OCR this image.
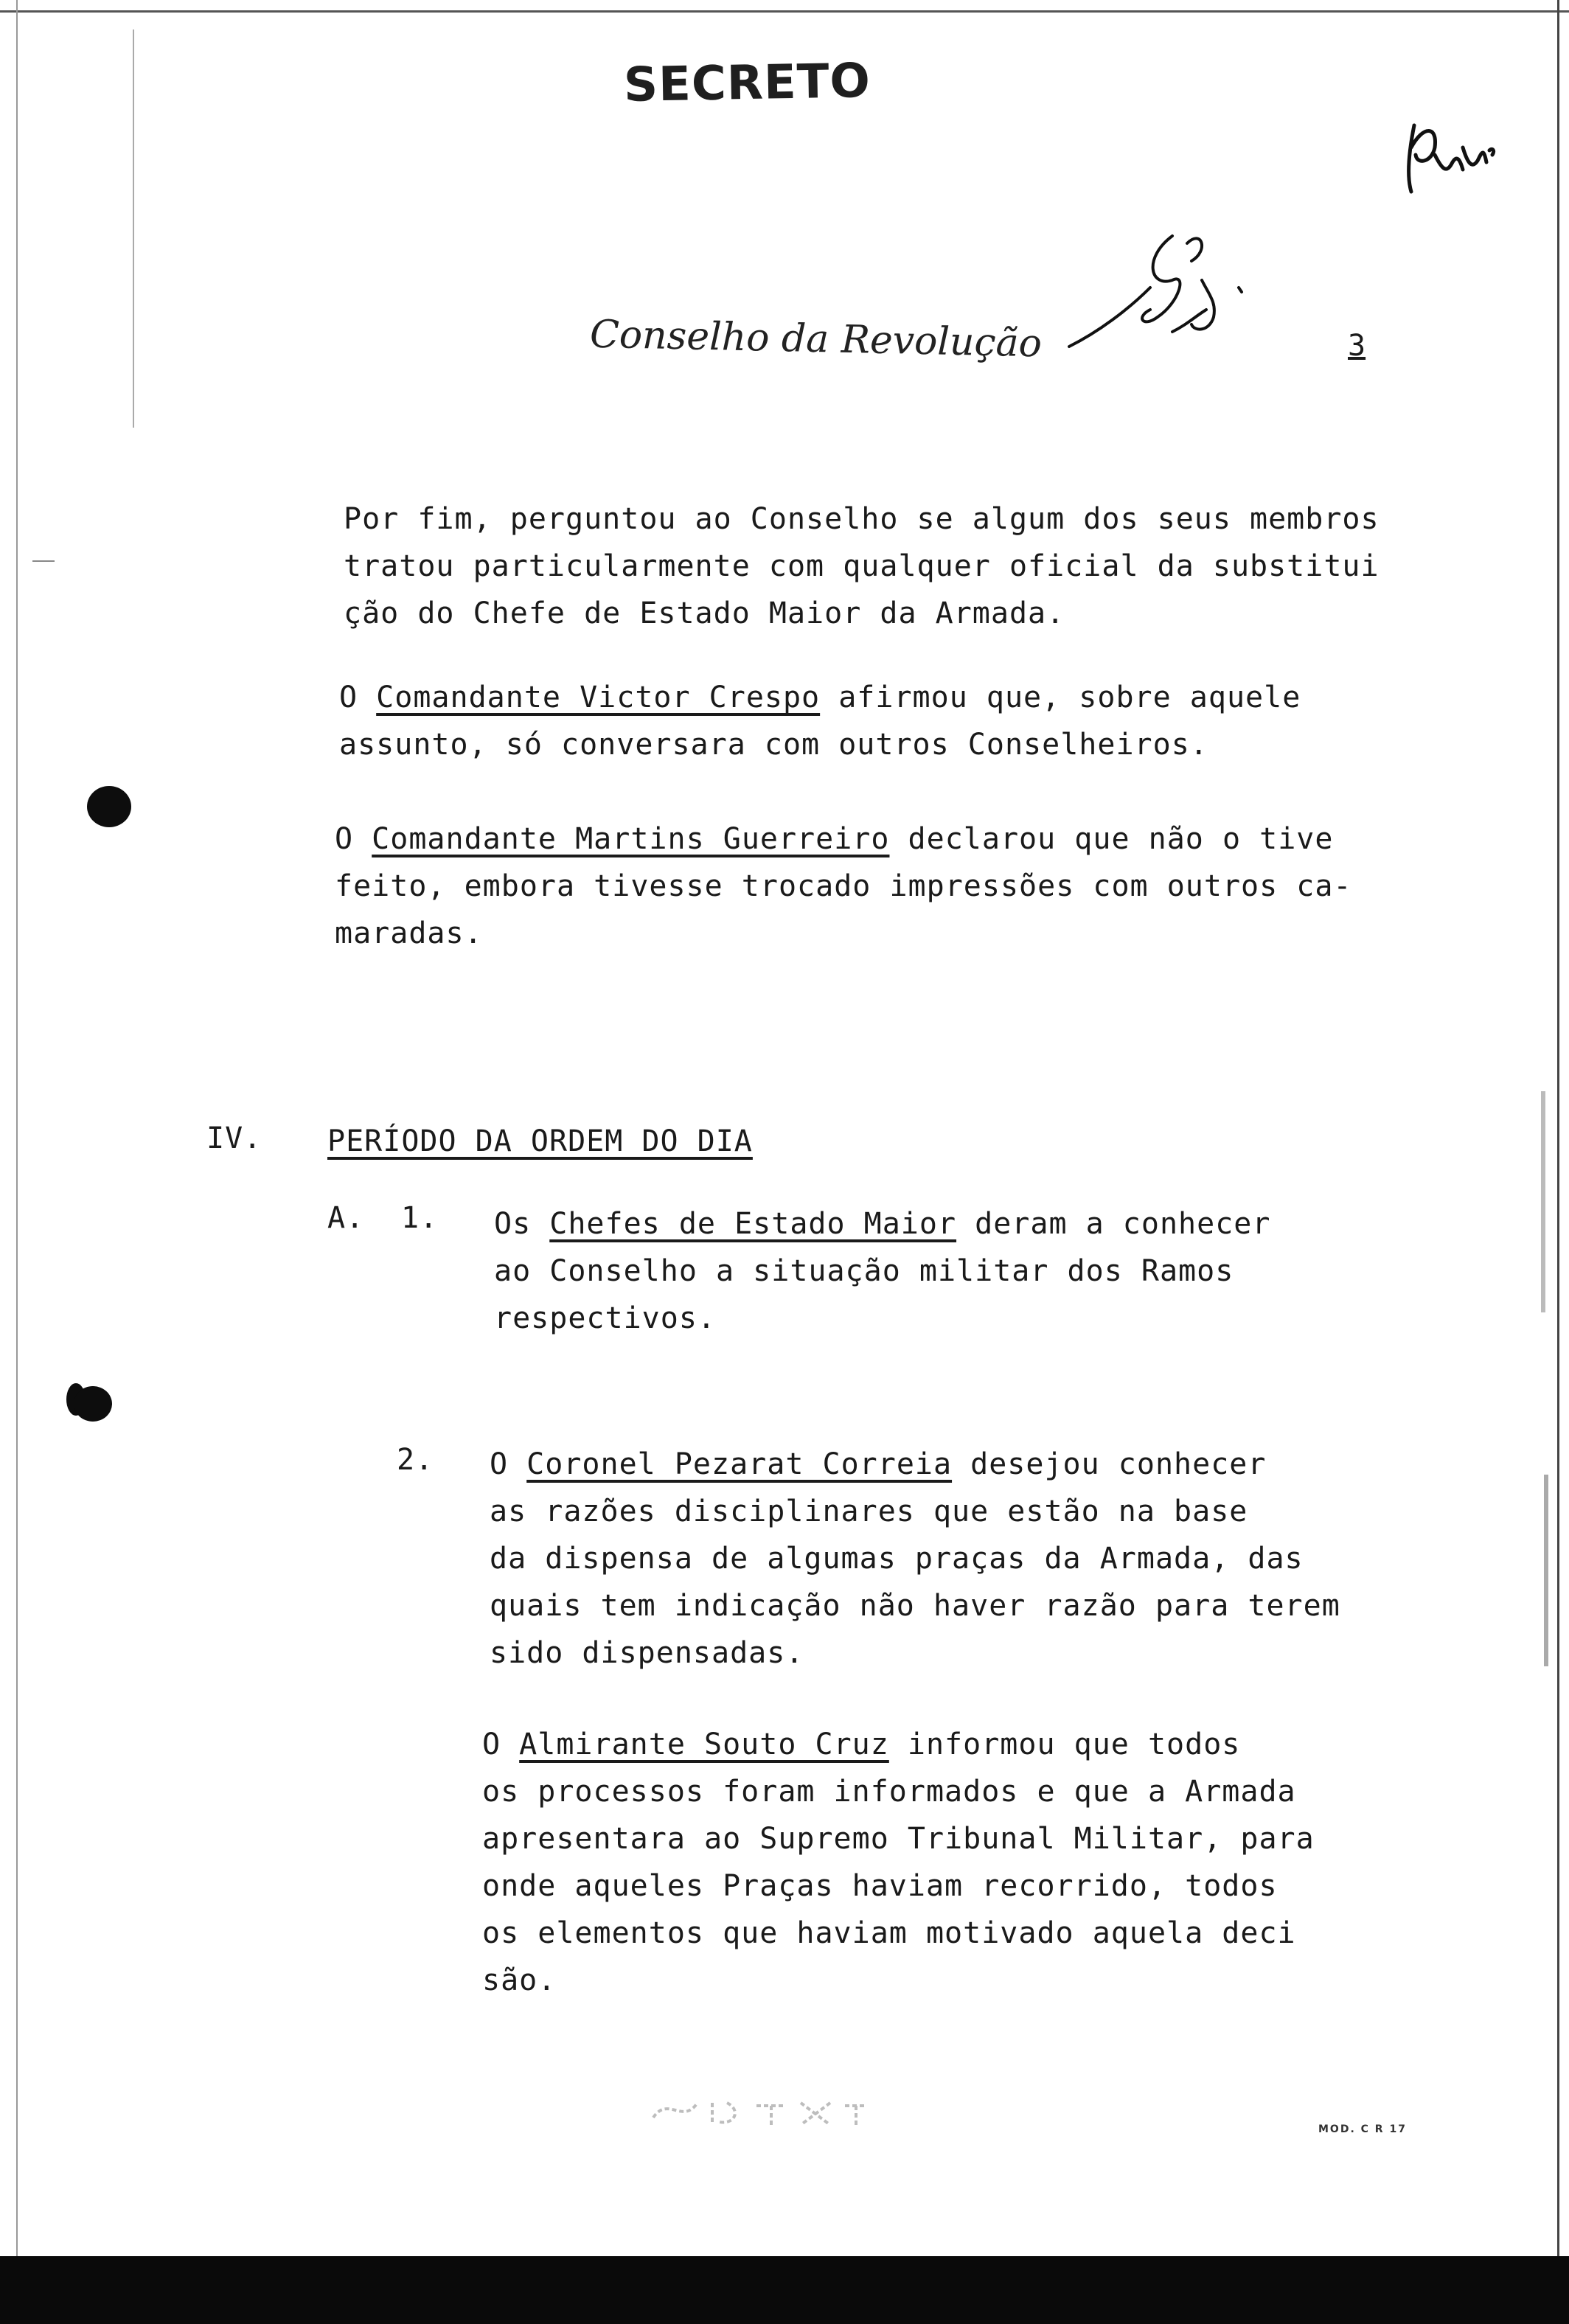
SECRETO
Conselho da Revolução	3
Por fim, perguntou ao Conselho se algum dos seus membros
tratou particularmente com qualquer oficial da substitui
ção do Chefe de Estado Maior da Armada.
O Comandante Victor Crespo afirmou que, sobre aquele
assunto, só conversara com outros Conselheiros.
O Comandante Martins Guerreiro declarou que não o tive
feito, embora tivesse trocado impressões com outros ca-
maradas.
IV. PERÍODO DA ORDEM DO DIA
A. 1. Os Chefes de Estado Maior deram a conhecer
ao Conselho a situação militar dos Ramos
respectivos.
2. O Coronel Pezarat Correia desejou conhecer
as razões disciplinares que estão na base
da dispensa de algumas praças da Armada, das
quais tem indicação não haver razão para terem
sido dispensadas.
O Almirante Souto Cruz informou que todos
os processos foram informados e que a Armada
apresentara ao Supremo Tribunal Militar, para
onde aqueles Praças haviam recorrido, todos
os elementos que haviam motivado aquela deci
são.
MOD. C R 17
